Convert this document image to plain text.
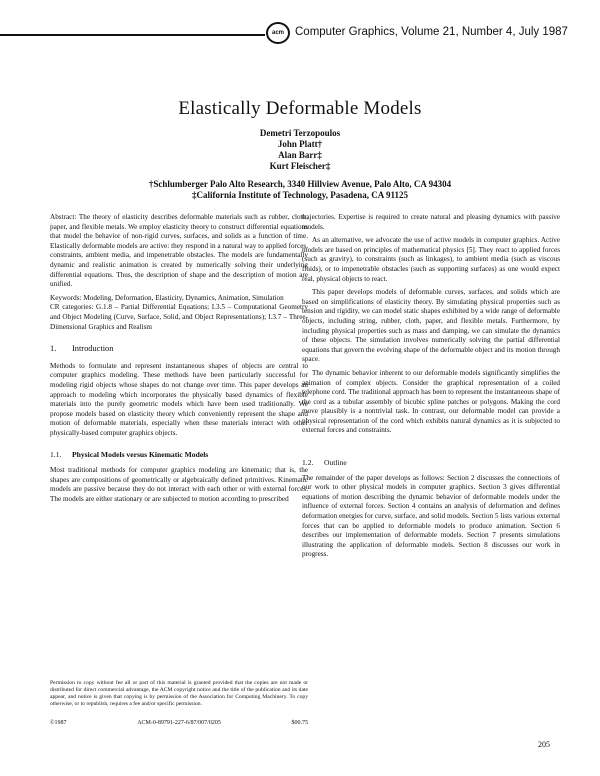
acm Computer Graphics, Volume 21, Number 4, July 1987
Elastically Deformable Models
Demetri Terzopoulos
John Platt†
Alan Barr‡
Kurt Fleischer‡
†Schlumberger Palo Alto Research, 3340 Hillview Avenue, Palo Alto, CA 94304
‡California Institute of Technology, Pasadena, CA 91125

Abstract: The theory of elasticity describes deformable materials such as rubber, cloth, paper, and flexible metals. We employ elasticity theory to construct differential equations that model the behavior of non-rigid curves, surfaces, and solids as a function of time. Elastically deformable models are active: they respond in a natural way to applied forces, constraints, ambient media, and impenetrable obstacles. The models are fundamentally dynamic and realistic animation is created by numerically solving their underlying differential equations. Thus, the description of shape and the description of motion are unified.

Keywords: Modeling, Deformation, Elasticity, Dynamics, Animation, Simulation

CR categories: G.1.8 – Partial Differential Equations; I.3.5 – Computational Geometry and Object Modeling (Curve, Surface, Solid, and Object Representations); I.3.7 – Three-Dimensional Graphics and Realism

1. Introduction

Methods to formulate and represent instantaneous shapes of objects are central to computer graphics modeling. These methods have been particularly successful for modeling rigid objects whose shapes do not change over time. This paper develops an approach to modeling which incorporates the physically based dynamics of flexible materials into the purely geometric models which have been used traditionally. We propose models based on elasticity theory which conveniently represent the shape and motion of deformable materials, especially when these materials interact with other physically-based computer graphics objects.

1.1. Physical Models versus Kinematic Models

Most traditional methods for computer graphics modeling are kinematic; that is, the shapes are compositions of geometrically or algebraically defined primitives. Kinematic models are passive because they do not interact with each other or with external forces. The models are either stationary or are subjected to motion according to prescribed

Permission to copy without fee all or part of this material is granted provided that the copies are not made or distributed for direct commercial advantage, the ACM copyright notice and the title of the publication and its date appear, and notice is given that copying is by permission of the Association for Computing Machinery. To copy otherwise, or to republish, requires a fee and/or specific permission.
©1987	ACM-0-89791-227-6/87/007/0205	$00.75

trajectories. Expertise is required to create natural and pleasing dynamics with passive models.

As an alternative, we advocate the use of active models in computer graphics. Active models are based on principles of mathematical physics [5]. They react to applied forces (such as gravity), to constraints (such as linkages), to ambient media (such as viscous fluids), or to impenetrable obstacles (such as supporting surfaces) as one would expect real, physical objects to react.

This paper develops models of deformable curves, surfaces, and solids which are based on simplifications of elasticity theory. By simulating physical properties such as tension and rigidity, we can model static shapes exhibited by a wide range of deformable objects, including string, rubber, cloth, paper, and flexible metals. Furthermore, by including physical properties such as mass and damping, we can simulate the dynamics of these objects. The simulation involves numerically solving the partial differential equations that govern the evolving shape of the deformable object and its motion through space.

The dynamic behavior inherent to our deformable models significantly simplifies the animation of complex objects. Consider the graphical representation of a coiled telephone cord. The traditional approach has been to represent the instantaneous shape of the cord as a tubular assembly of bicubic spline patches or polygons. Making the cord move plausibly is a nontrivial task. In contrast, our deformable model can provide a physical representation of the cord which exhibits natural dynamics as it is subjected to external forces and constraints.

1.2. Outline

The remainder of the paper develops as follows: Section 2 discusses the connections of our work to other physical models in computer graphics. Section 3 gives differential equations of motion describing the dynamic behavior of deformable models under the influence of external forces. Section 4 contains an analysis of deformation and defines deformation energies for curve, surface, and solid models. Section 5 lists various external forces that can be applied to deformable models to produce animation. Section 6 describes our implementation of deformable models. Section 7 presents simulations illustrating the application of deformable models. Section 8 discusses our work in progress.

205
